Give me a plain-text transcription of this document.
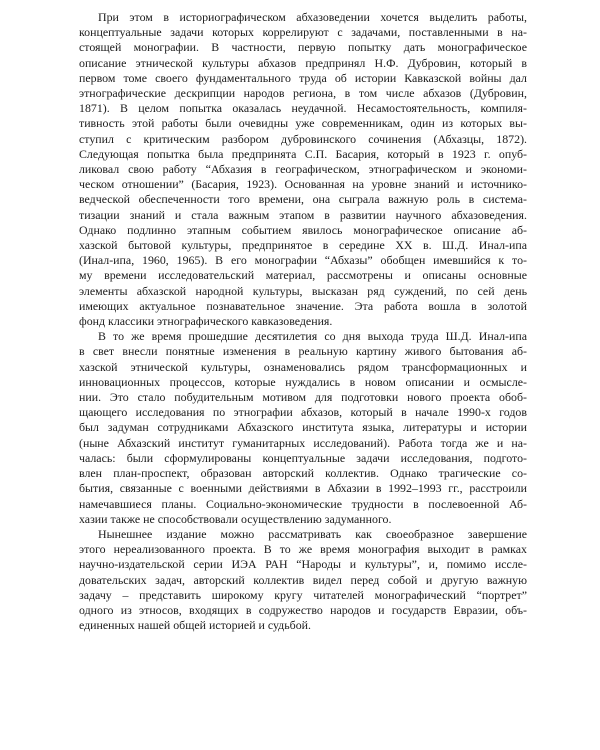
При этом в историографическом абхазоведении хочется выделить работы,
концептуальные задачи которых коррелируют с задачами, поставленными в на-
стоящей монографии. В частности, первую попытку дать монографическое
описание этнической культуры абхазов предпринял Н.Ф. Дубровин, который в
первом томе своего фундаментального труда об истории Кавказской войны дал
этнографические дескрипции народов региона, в том числе абхазов (Дубровин,
1871). В целом попытка оказалась неудачной. Несамостоятельность, компиля-
тивность этой работы были очевидны уже современникам, один из которых вы-
ступил с критическим разбором дубровинского сочинения (Абхазцы, 1872).
Следующая попытка была предпринята С.П. Басария, который в 1923 г. опуб-
ликовал свою работу “Абхазия в географическом, этнографическом и экономи-
ческом отношении” (Басария, 1923). Основанная на уровне знаний и источнико-
ведческой обеспеченности того времени, она сыграла важную роль в система-
тизации знаний и стала важным этапом в развитии научного абхазоведения.
Однако подлинно этапным событием явилось монографическое описание аб-
хазской бытовой культуры, предпринятое в середине XX в. Ш.Д. Инал-ипа
(Инал-ипа, 1960, 1965). В его монографии “Абхазы” обобщен имевшийся к то-
му времени исследовательский материал, рассмотрены и описаны основные
элементы абхазской народной культуры, высказан ряд суждений, по сей день
имеющих актуальное познавательное значение. Эта работа вошла в золотой
фонд классики этнографического кавказоведения.
В то же время прошедшие десятилетия со дня выхода труда Ш.Д. Инал-ипа
в свет внесли понятные изменения в реальную картину живого бытования аб-
хазской этнической культуры, ознаменовались рядом трансформационных и
инновационных процессов, которые нуждались в новом описании и осмысле-
нии. Это стало побудительным мотивом для подготовки нового проекта обоб-
щающего исследования по этнографии абхазов, который в начале 1990-х годов
был задуман сотрудниками Абхазского института языка, литературы и истории
(ныне Абхазский институт гуманитарных исследований). Работа тогда же и на-
чалась: были сформулированы концептуальные задачи исследования, подгото-
влен план-проспект, образован авторский коллектив. Однако трагические со-
бытия, связанные с военными действиями в Абхазии в 1992–1993 гг., расстроили
намечавшиеся планы. Социально-экономические трудности в послевоенной Аб-
хазии также не способствовали осуществлению задуманного.
Нынешнее издание можно рассматривать как своеобразное завершение
этого нереализованного проекта. В то же время монография выходит в рамках
научно-издательской серии ИЭА РАН “Народы и культуры”, и, помимо иссле-
довательских задач, авторский коллектив видел перед собой и другую важную
задачу – представить широкому кругу читателей монографический “портрет”
одного из этносов, входящих в содружество народов и государств Евразии, объ-
единенных нашей общей историей и судьбой.
